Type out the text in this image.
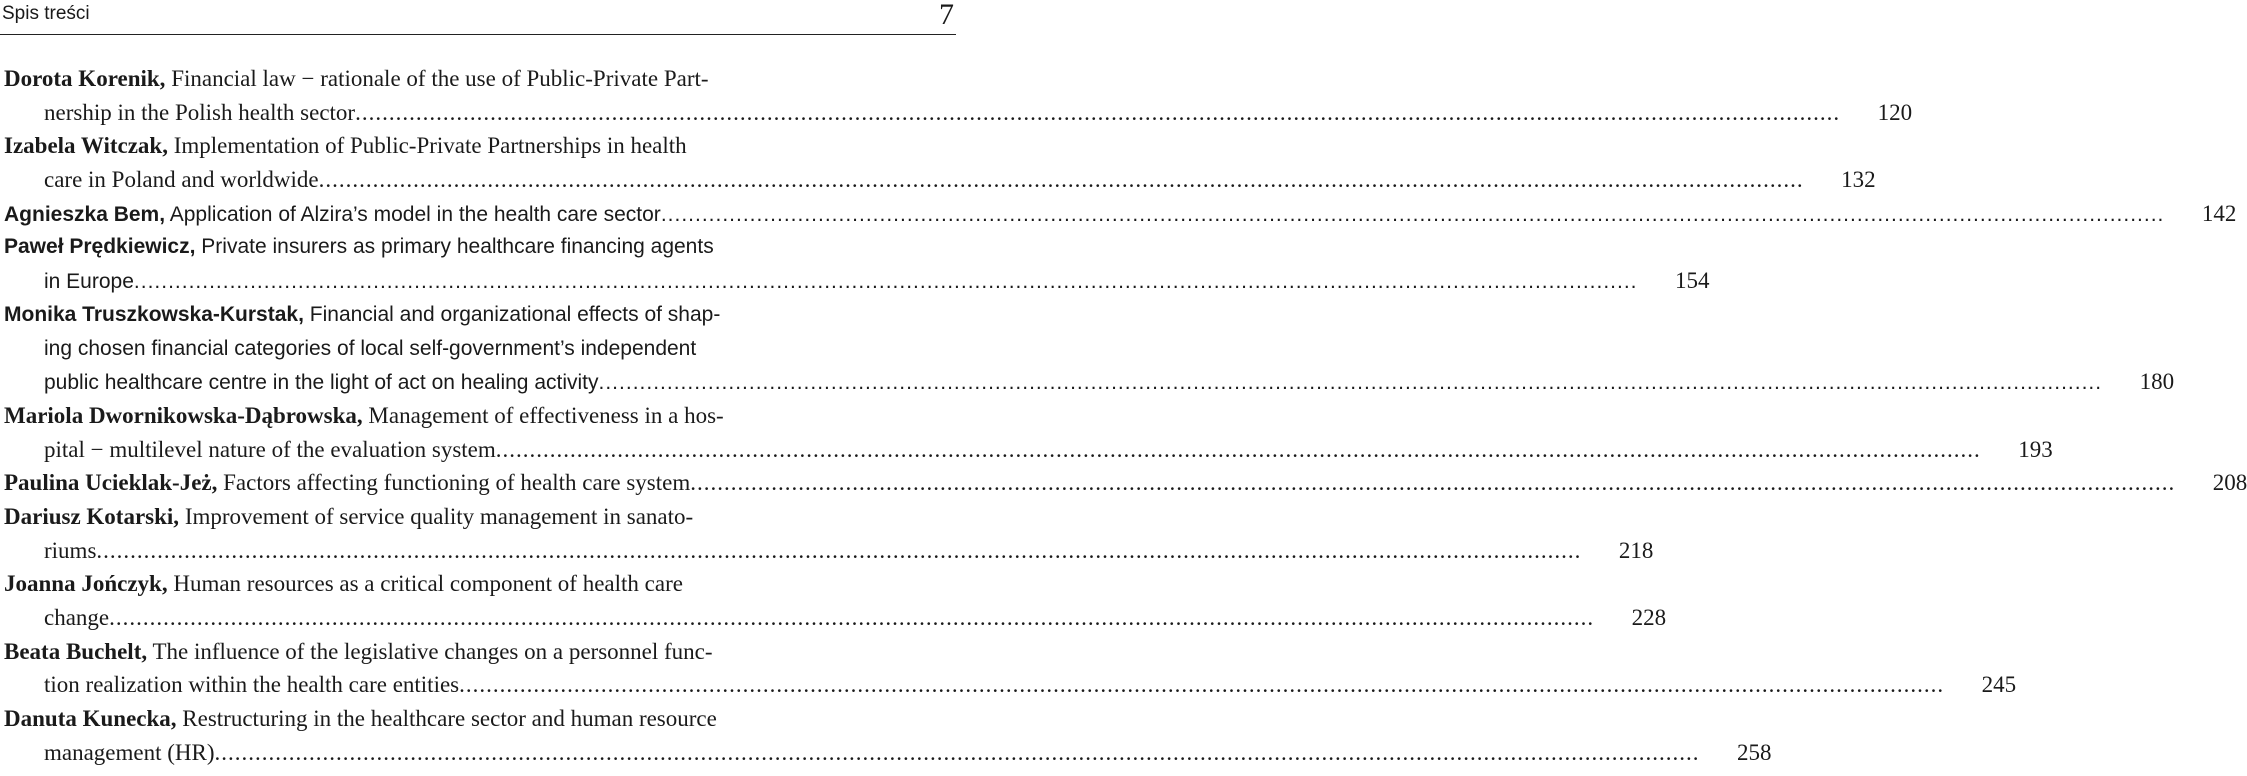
Spis treści	7
Dorota Korenik, Financial law − rationale of the use of Public-Private Part-
nership in the Polish health sector ............................................................................................................................................................................................................................	120
Izabela Witczak, Implementation of Public-Private Partnerships in health
care in Poland and worldwide ............................................................................................................................................................................................................................	132
Agnieszka Bem, Application of Alzira’s model in the health care sector ............................................................................................................................................................................................................................	142
Paweł Prędkiewicz, Private insurers as primary healthcare financing agents
in Europe ............................................................................................................................................................................................................................	154
Monika Truszkowska-Kurstak, Financial and organizational effects of shap-
ing chosen financial categories of local self-government’s independent
public healthcare centre in the light of act on healing activity ............................................................................................................................................................................................................................	180
Mariola Dwornikowska-Dąbrowska, Management of effectiveness in a hos-
pital − multilevel nature of the evaluation system ............................................................................................................................................................................................................................	193
Paulina Ucieklak-Jeż, Factors affecting functioning of health care system ............................................................................................................................................................................................................................	208
Dariusz Kotarski, Improvement of service quality management in sanato-
riums ............................................................................................................................................................................................................................	218
Joanna Jończyk, Human resources as a critical component of health care
change ............................................................................................................................................................................................................................	228
Beata Buchelt, The influence of the legislative changes on a personnel func-
tion realization within the health care entities ............................................................................................................................................................................................................................	245
Danuta Kunecka, Restructuring in the healthcare sector and human resource
management (HR) ............................................................................................................................................................................................................................	258
